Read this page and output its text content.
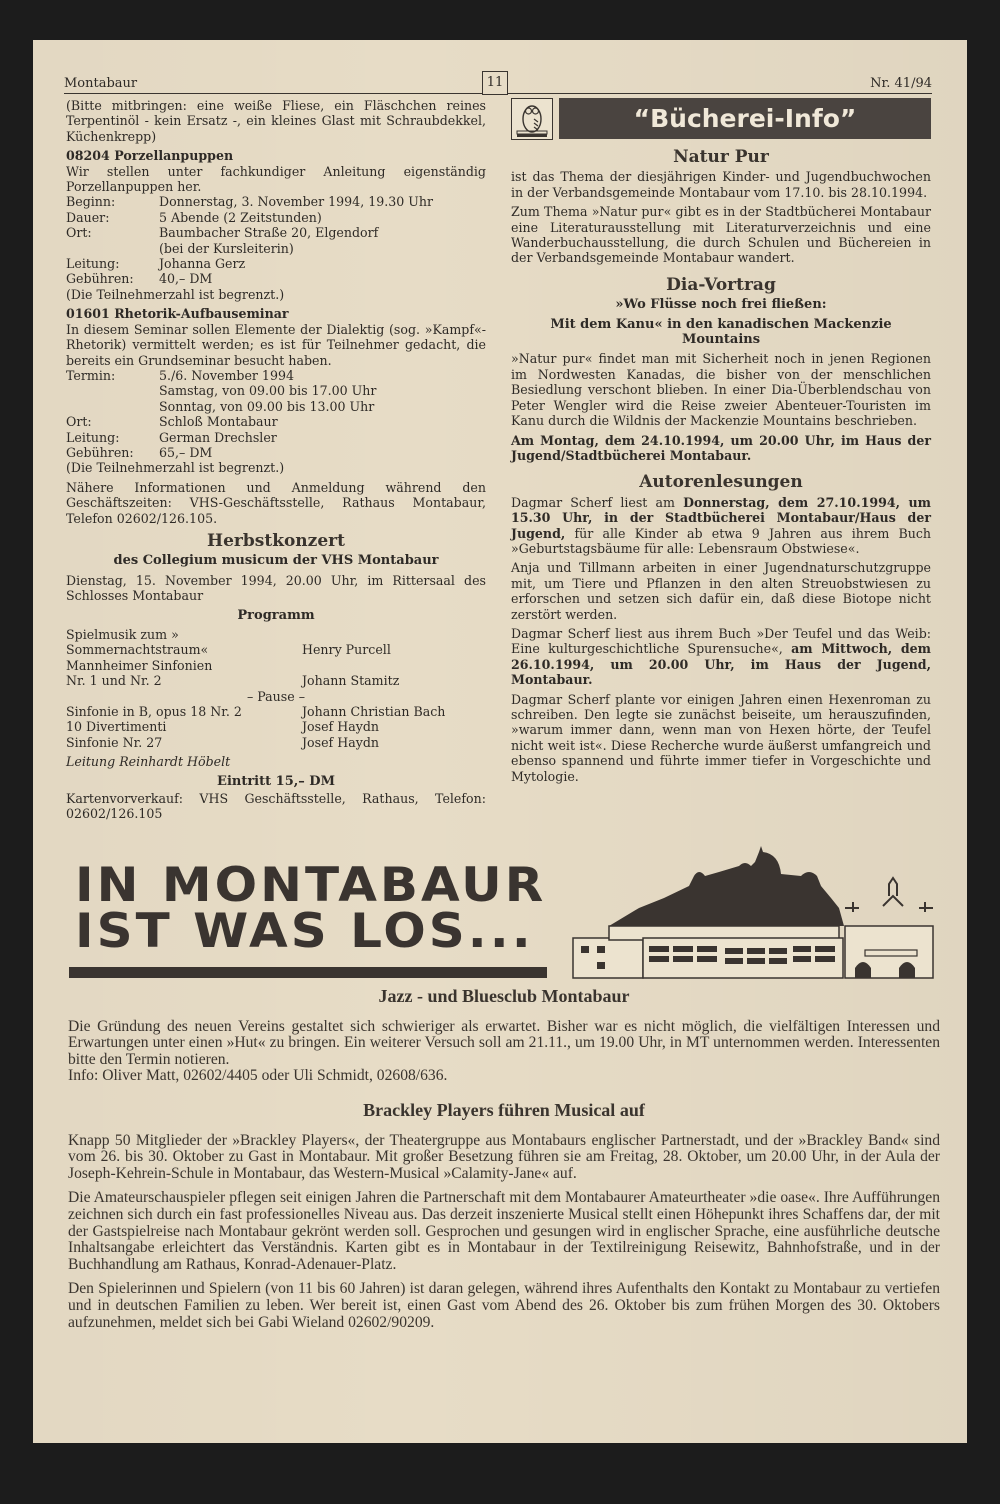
Montabaur	11	Nr. 41/94

(Bitte mitbringen: eine weiße Fliese, ein Fläschchen reines Terpentinöl - kein Ersatz -, ein kleines Glast mit Schraubdekkel, Küchenkrepp)

08204 Porzellanpuppen
Wir stellen unter fachkundiger Anleitung eigenständig Porzellanpuppen her.
Beginn:	Donnerstag, 3. November 1994, 19.30 Uhr
Dauer:	5 Abende (2 Zeitstunden)
Ort:	Baumbacher Straße 20, Elgendorf
(bei der Kursleiterin)
Leitung:	Johanna Gerz
Gebühren:	40,– DM

(Die Teilnehmerzahl ist begrenzt.)

01601 Rhetorik-Aufbauseminar
In diesem Seminar sollen Elemente der Dialektig (sog. »Kampf«-Rhetorik) vermittelt werden; es ist für Teilnehmer gedacht, die bereits ein Grundseminar besucht haben.
Termin:	5./6. November 1994
Samstag, von 09.00 bis 17.00 Uhr
Sonntag, von 09.00 bis 13.00 Uhr
Ort:	Schloß Montabaur
Leitung:	German Drechsler
Gebühren:	65,– DM

(Die Teilnehmerzahl ist begrenzt.)

Nähere Informationen und Anmeldung während den Geschäftszeiten: VHS-Geschäftsstelle, Rathaus Montabaur, Telefon 02602/126.105.

Herbstkonzert
des Collegium musicum der VHS Montabaur

Dienstag, 15. November 1994, 20.00 Uhr, im Rittersaal des Schlosses Montabaur

Programm
Spielmusik zum »
Sommernachtstraum«	Henry Purcell
Mannheimer Sinfonien
Nr. 1 und Nr. 2	Johann Stamitz
– Pause –
Sinfonie in B, opus 18 Nr. 2	Johann Christian Bach
10 Divertimenti	Josef Haydn
Sinfonie Nr. 27	Josef Haydn

Leitung Reinhardt Höbelt

Eintritt 15,– DM

Kartenvorverkauf: VHS Geschäftsstelle, Rathaus, Telefon: 02602/126.105

“Bücherei-Info”
Natur Pur

ist das Thema der diesjährigen Kinder- und Jugendbuchwochen in der Verbandsgemeinde Montabaur vom 17.10. bis 28.10.1994.

Zum Thema »Natur pur« gibt es in der Stadtbücherei Montabaur eine Literaturausstellung mit Literaturverzeichnis und eine Wanderbuchausstellung, die durch Schulen und Büchereien in der Verbandsgemeinde Montabaur wandert.

Dia-Vortrag
»Wo Flüsse noch frei fließen:
Mit dem Kanu« in den kanadischen Mackenzie Mountains

»Natur pur« findet man mit Sicherheit noch in jenen Regionen im Nordwesten Kanadas, die bisher von der menschlichen Besiedlung verschont blieben. In einer Dia-Überblendschau von Peter Wengler wird die Reise zweier Abenteuer-Touristen im Kanu durch die Wildnis der Mackenzie Mountains beschrieben.

Am Montag, dem 24.10.1994, um 20.00 Uhr, im Haus der Jugend/Stadtbücherei Montabaur.

Autorenlesungen

Dagmar Scherf liest am Donnerstag, dem 27.10.1994, um 15.30 Uhr, in der Stadtbücherei Montabaur/Haus der Jugend, für alle Kinder ab etwa 9 Jahren aus ihrem Buch »Geburtstagsbäume für alle: Lebensraum Obstwiese«.

Anja und Tillmann arbeiten in einer Jugendnaturschutzgruppe mit, um Tiere und Pflanzen in den alten Streuobstwiesen zu erforschen und setzen sich dafür ein, daß diese Biotope nicht zerstört werden.

Dagmar Scherf liest aus ihrem Buch »Der Teufel und das Weib: Eine kulturgeschichtliche Spurensuche«, am Mittwoch, dem 26.10.1994, um 20.00 Uhr, im Haus der Jugend, Montabaur.

Dagmar Scherf plante vor einigen Jahren einen Hexenroman zu schreiben. Den legte sie zunächst beiseite, um herauszufinden, »warum immer dann, wenn man von Hexen hörte, der Teufel nicht weit ist«. Diese Recherche wurde äußerst umfangreich und ebenso spannend und führte immer tiefer in Vorgeschichte und Mytologie.

IN MONTABAUR
IST WAS LOS...
Jazz - und Bluesclub Montabaur

Die Gründung des neuen Vereins gestaltet sich schwieriger als erwartet. Bisher war es nicht möglich, die vielfältigen Interessen und Erwartungen unter einen »Hut« zu bringen. Ein weiterer Versuch soll am 21.11., um 19.00 Uhr, in MT unternommen werden. Interessenten bitte den Termin notieren.

Info: Oliver Matt, 02602/4405 oder Uli Schmidt, 02608/636.

Brackley Players führen Musical auf

Knapp 50 Mitglieder der »Brackley Players«, der Theatergruppe aus Montabaurs englischer Partnerstadt, und der »Brackley Band« sind vom 26. bis 30. Oktober zu Gast in Montabaur. Mit großer Besetzung führen sie am Freitag, 28. Oktober, um 20.00 Uhr, in der Aula der Joseph-Kehrein-Schule in Montabaur, das Western-Musical »Calamity-Jane« auf.

Die Amateurschauspieler pflegen seit einigen Jahren die Partnerschaft mit dem Montabaurer Amateurtheater »die oase«. Ihre Aufführungen zeichnen sich durch ein fast professionelles Niveau aus. Das derzeit inszenierte Musical stellt einen Höhepunkt ihres Schaffens dar, der mit der Gastspielreise nach Montabaur gekrönt werden soll. Gesprochen und gesungen wird in englischer Sprache, eine ausführliche deutsche Inhaltsangabe erleichtert das Verständnis. Karten gibt es in Montabaur in der Textilreinigung Reisewitz, Bahnhofstraße, und in der Buchhandlung am Rathaus, Konrad-Adenauer-Platz.

Den Spielerinnen und Spielern (von 11 bis 60 Jahren) ist daran gelegen, während ihres Aufenthalts den Kontakt zu Montabaur zu vertiefen und in deutschen Familien zu leben. Wer bereit ist, einen Gast vom Abend des 26. Oktober bis zum frühen Morgen des 30. Oktobers aufzunehmen, meldet sich bei Gabi Wieland 02602/90209.
